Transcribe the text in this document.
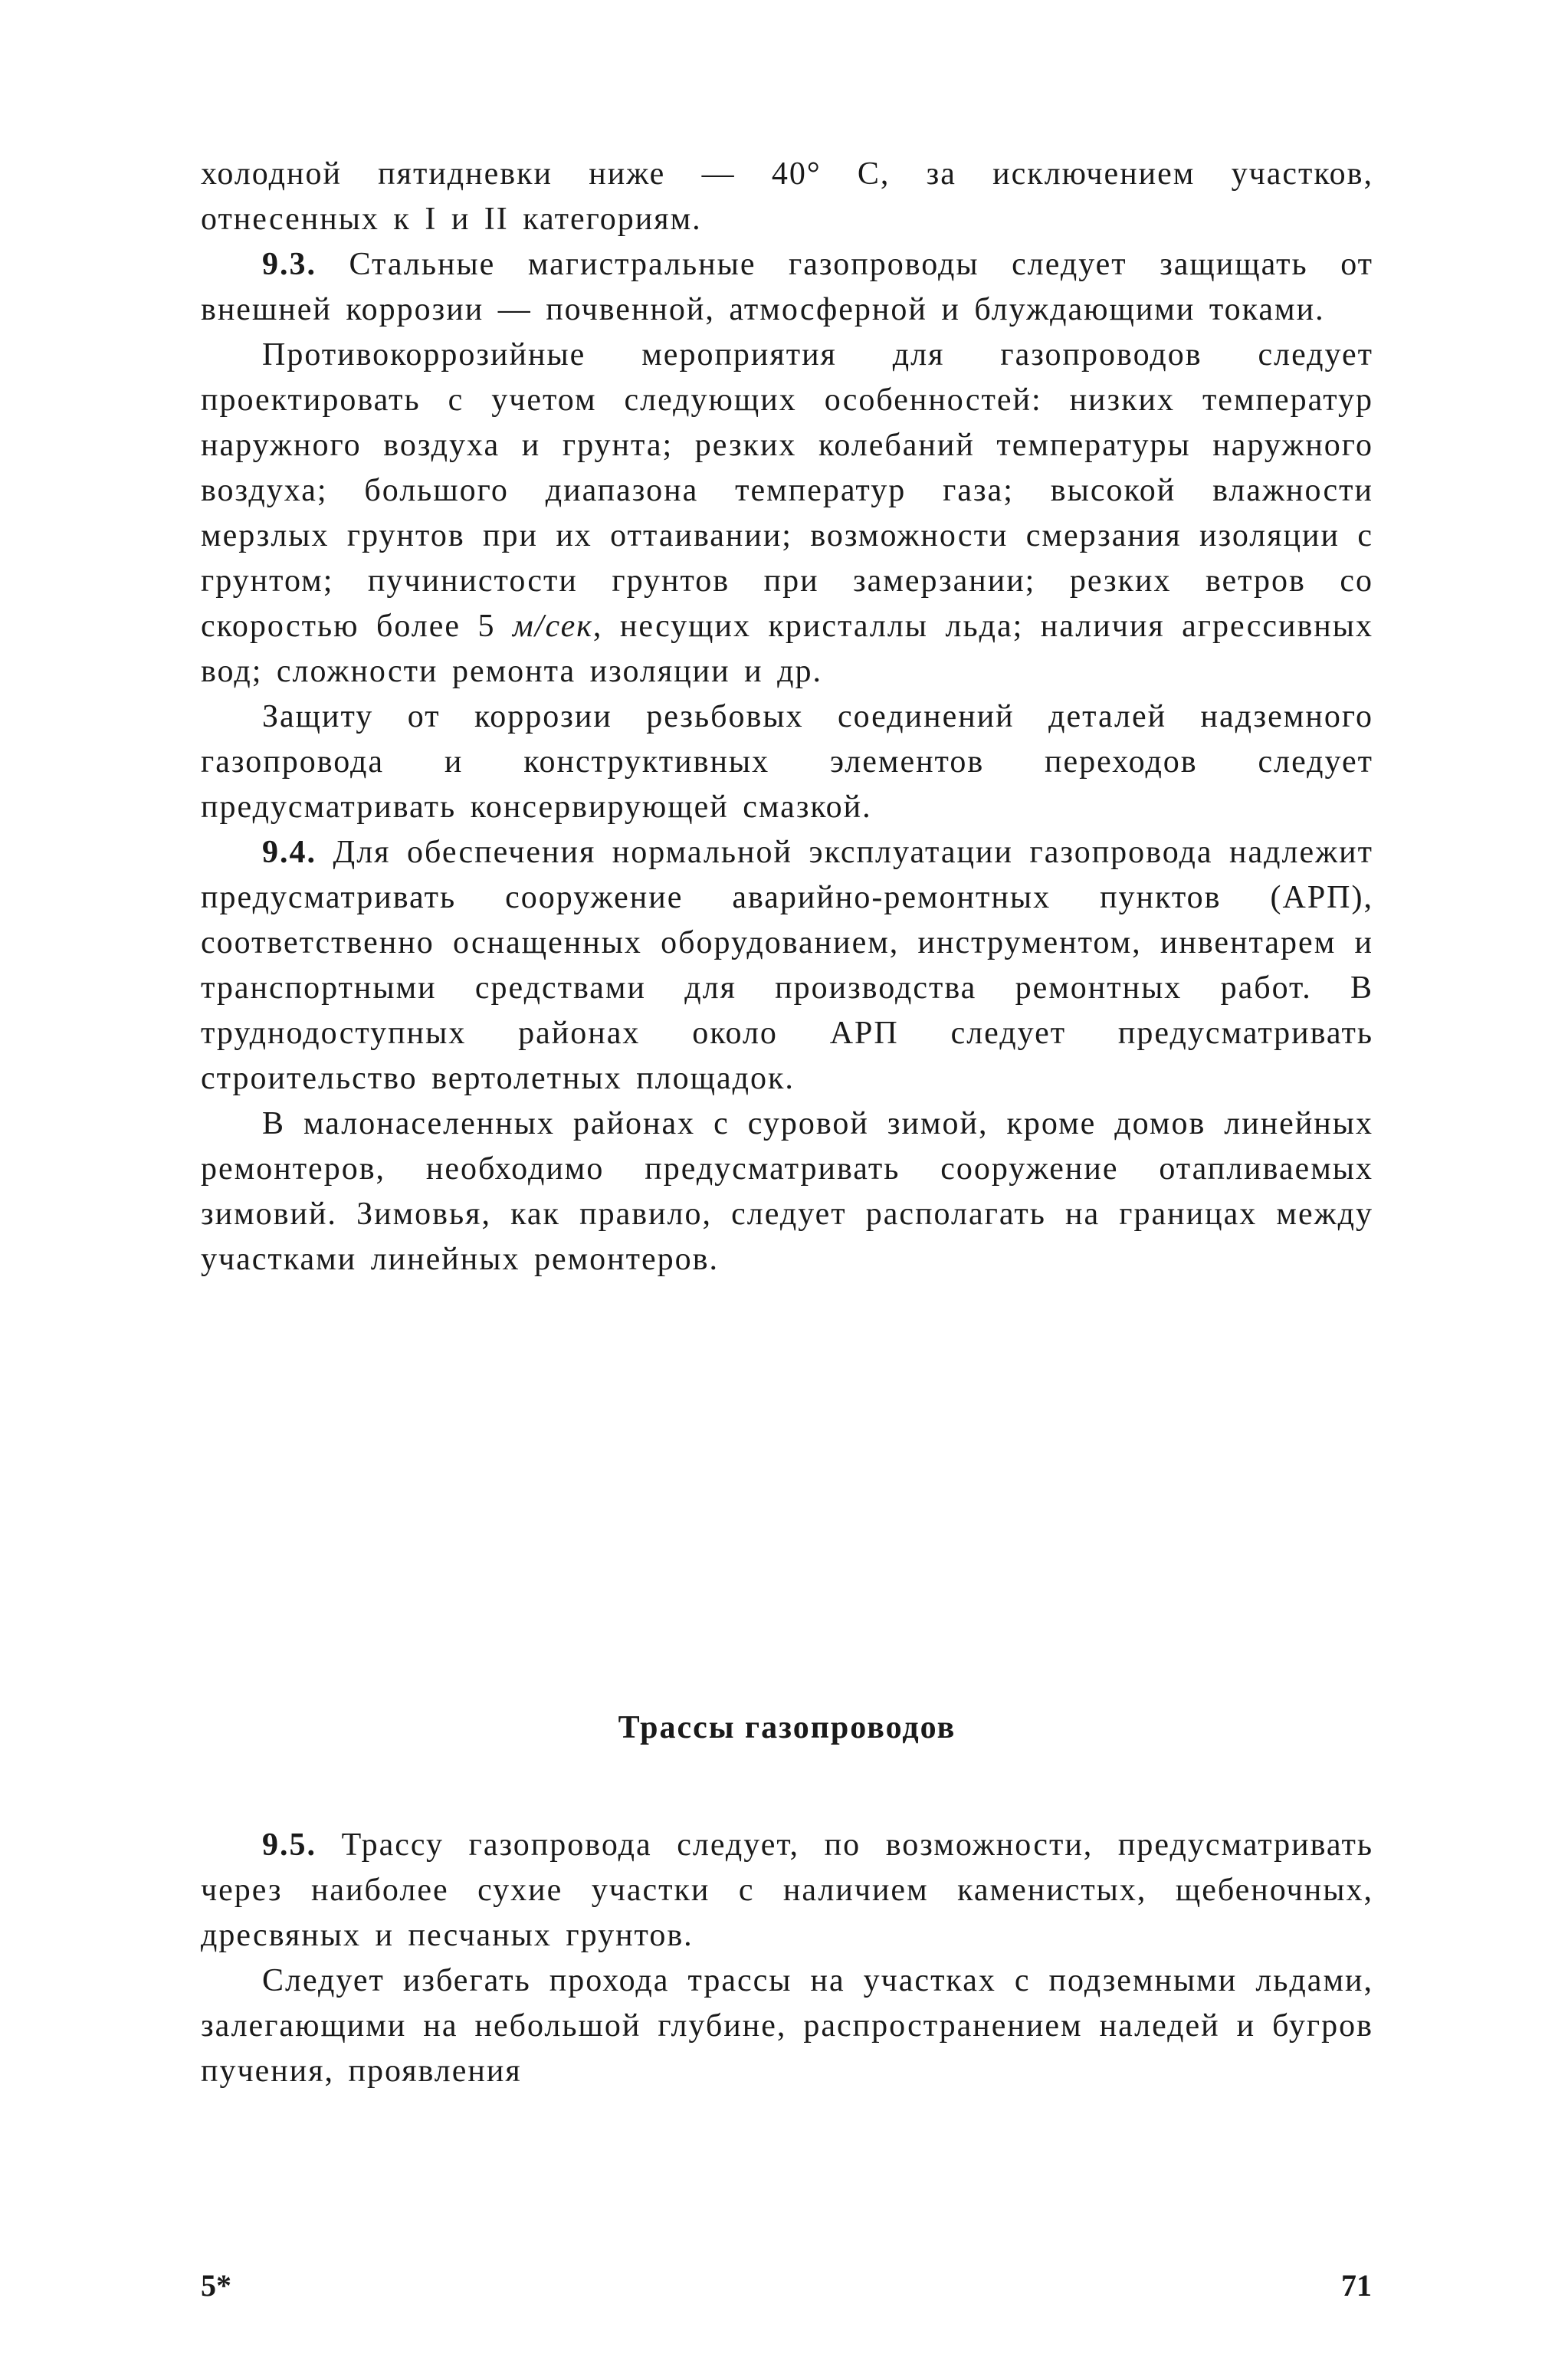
холодной пятидневки ниже — 40° С, за исключением участков, отнесенных к I и II категориям.

9.3. Стальные магистральные газопроводы следует защищать от внешней коррозии — почвенной, атмосферной и блуждающими токами.

Противокоррозийные мероприятия для газопроводов следует проектировать с учетом следующих особенностей: низких температур наружного воздуха и грунта; резких колебаний температуры наружного воздуха; большого диапазона температур газа; высокой влажности мерзлых грунтов при их оттаивании; возможности смерзания изоляции с грунтом; пучинистости грунтов при замерзании; резких ветров со скоростью более 5 м/сек, несущих кристаллы льда; наличия агрессивных вод; сложности ремонта изоляции и др.

Защиту от коррозии резьбовых соединений деталей надземного газопровода и конструктивных элементов переходов следует предусматривать консервирующей смазкой.

9.4. Для обеспечения нормальной эксплуатации газопровода надлежит предусматривать сооружение аварийно-ремонтных пунктов (АРП), соответственно оснащенных оборудованием, инструментом, инвентарем и транспортными средствами для производства ремонтных работ. В труднодоступных районах около АРП следует предусматривать строительство вертолетных площадок.

В малонаселенных районах с суровой зимой, кроме домов линейных ремонтеров, необходимо предусматривать сооружение отапливаемых зимовий. Зимовья, как правило, следует располагать на границах между участками линейных ремонтеров.

Трассы газопроводов

9.5. Трассу газопровода следует, по возможности, предусматривать через наиболее сухие участки с наличием каменистых, щебеночных, дресвяных и песчаных грунтов.

Следует избегать прохода трассы на участках с подземными льдами, залегающими на небольшой глубине, распространением наледей и бугров пучения, проявления

5*	71
